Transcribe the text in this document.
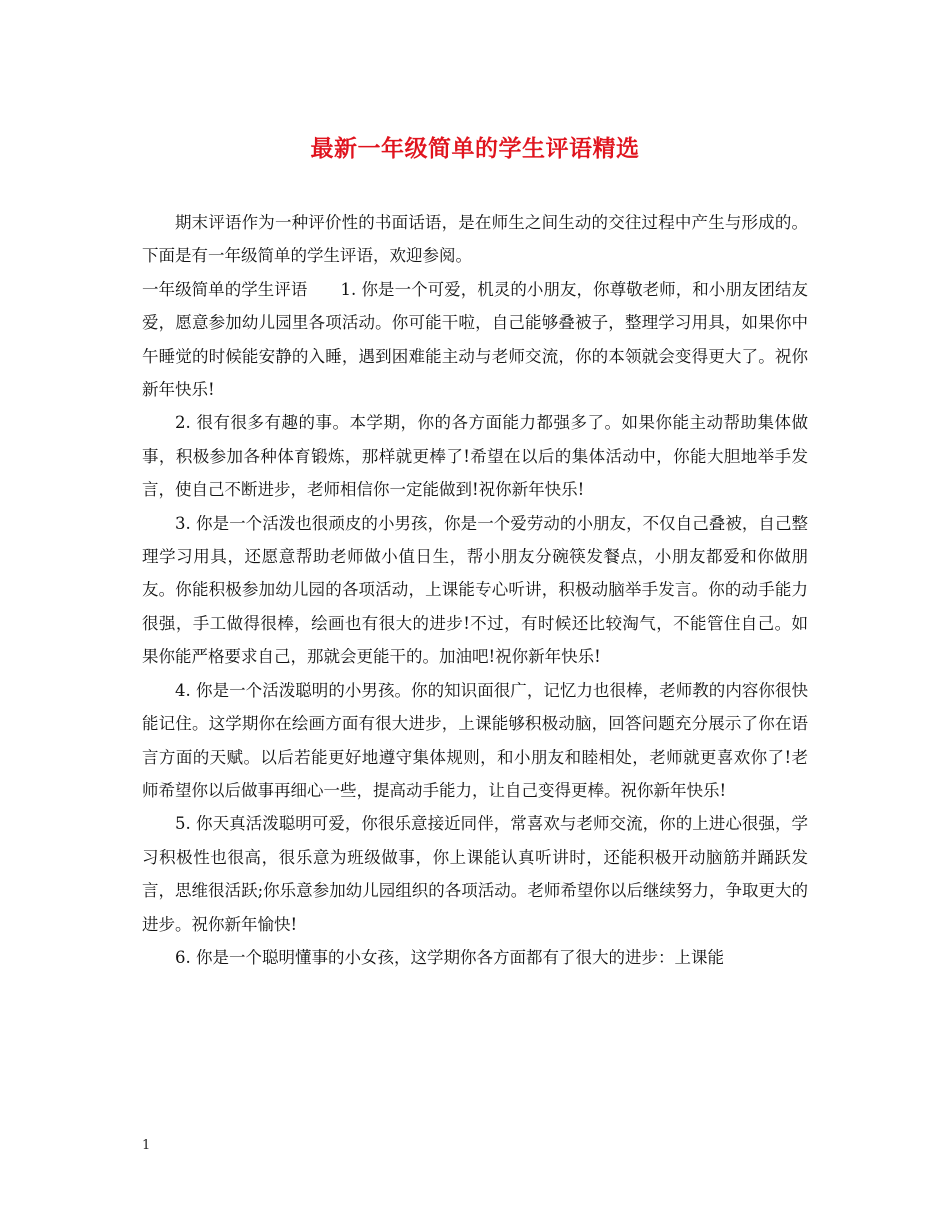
最新一年级简单的学生评语精选

期末评语作为一种评价性的书面话语，是在师生之间生动的交往过程中产生与形成的。下面是有一年级简单的学生评语，欢迎参阅。

一年级简单的学生评语　　1. 你是一个可爱，机灵的小朋友，你尊敬老师，和小朋友团结友爱，愿意参加幼儿园里各项活动。你可能干啦，自己能够叠被子，整理学习用具，如果你中午睡觉的时候能安静的入睡，遇到困难能主动与老师交流，你的本领就会变得更大了。祝你新年快乐!

2. 很有很多有趣的事。本学期，你的各方面能力都强多了。如果你能主动帮助集体做事，积极参加各种体育锻炼，那样就更棒了!希望在以后的集体活动中，你能大胆地举手发言，使自己不断进步，老师相信你一定能做到!祝你新年快乐!

3. 你是一个活泼也很顽皮的小男孩，你是一个爱劳动的小朋友，不仅自己叠被，自己整理学习用具，还愿意帮助老师做小值日生，帮小朋友分碗筷发餐点，小朋友都爱和你做朋友。你能积极参加幼儿园的各项活动，上课能专心听讲，积极动脑举手发言。你的动手能力很强，手工做得很棒，绘画也有很大的进步!不过，有时候还比较淘气，不能管住自己。如果你能严格要求自己，那就会更能干的。加油吧!祝你新年快乐!

4. 你是一个活泼聪明的小男孩。你的知识面很广，记忆力也很棒，老师教的内容你很快能记住。这学期你在绘画方面有很大进步，上课能够积极动脑，回答问题充分展示了你在语言方面的天赋。以后若能更好地遵守集体规则，和小朋友和睦相处，老师就更喜欢你了!老师希望你以后做事再细心一些，提高动手能力，让自己变得更棒。祝你新年快乐!

5. 你天真活泼聪明可爱，你很乐意接近同伴，常喜欢与老师交流，你的上进心很强，学习积极性也很高，很乐意为班级做事，你上课能认真听讲时，还能积极开动脑筋并踊跃发言，思维很活跃;你乐意参加幼儿园组织的各项活动。老师希望你以后继续努力，争取更大的进步。祝你新年愉快!

6. 你是一个聪明懂事的小女孩，这学期你各方面都有了很大的进步：上课能

1
